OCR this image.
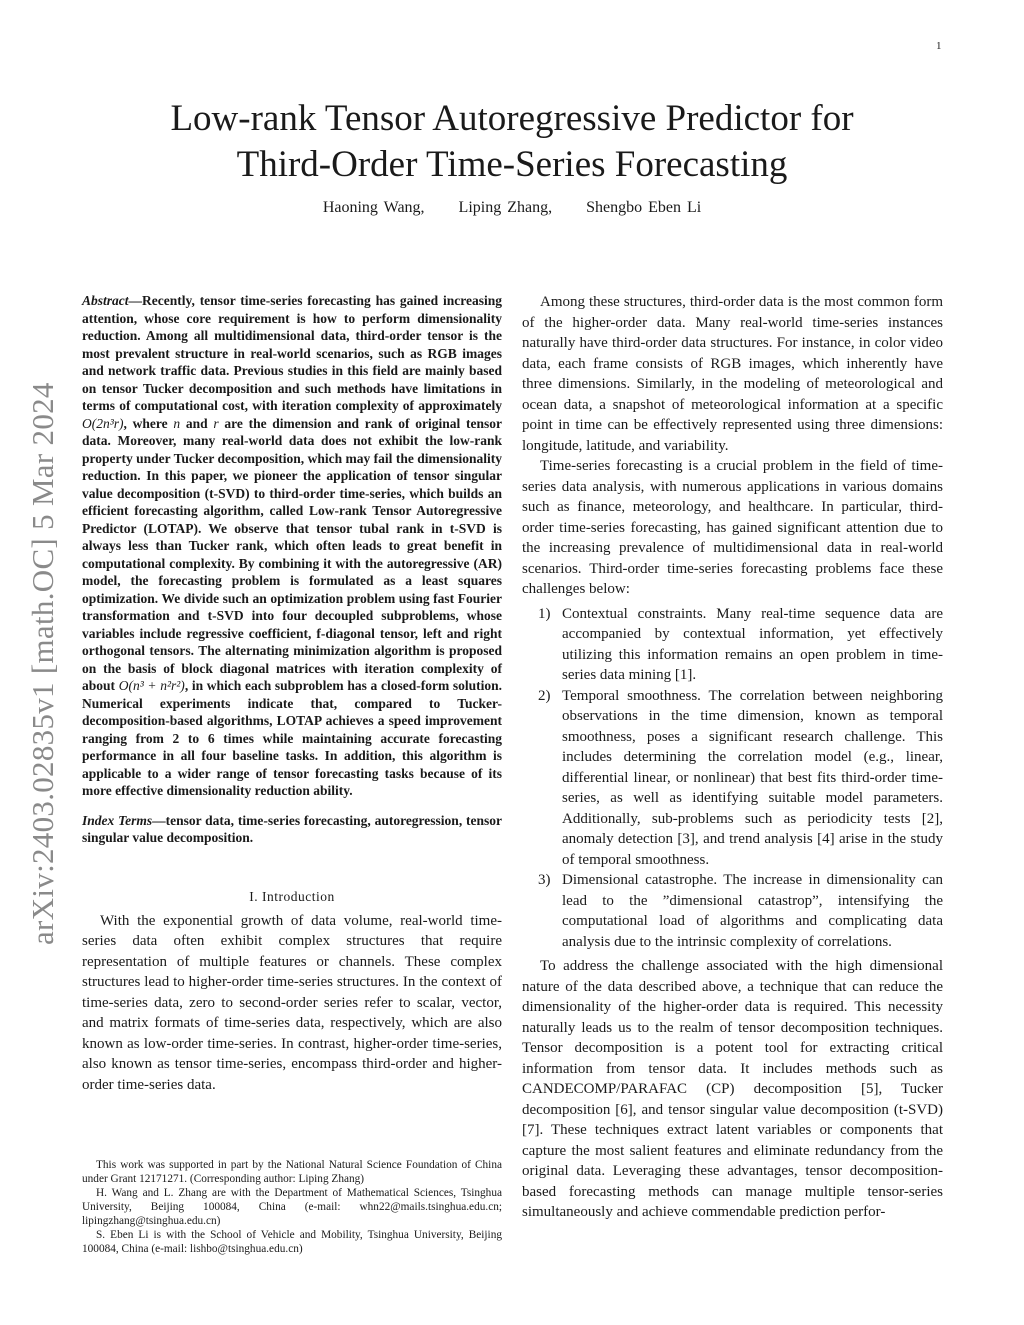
1
arXiv:2403.02835v1 [math.OC] 5 Mar 2024
Low-rank Tensor Autoregressive Predictor for
Third-Order Time-Series Forecasting
Haoning Wang, Liping Zhang, Shengbo Eben Li

Abstract—Recently, tensor time-series forecasting has gained increasing attention, whose core requirement is how to perform dimensionality reduction. Among all multidimensional data, third-order tensor is the most prevalent structure in real-world scenarios, such as RGB images and network traffic data. Previous studies in this field are mainly based on tensor Tucker decomposition and such methods have limitations in terms of computational cost, with iteration complexity of approximately O(2n³r), where n and r are the dimension and rank of original tensor data. Moreover, many real-world data does not exhibit the low-rank property under Tucker decomposition, which may fail the dimensionality reduction. In this paper, we pioneer the application of tensor singular value decomposition (t-SVD) to third-order time-series, which builds an efficient forecasting algorithm, called Low-rank Tensor Autoregressive Predictor (LOTAP). We observe that tensor tubal rank in t-SVD is always less than Tucker rank, which often leads to great benefit in computational complexity. By combining it with the autoregressive (AR) model, the forecasting problem is formulated as a least squares optimization. We divide such an optimization problem using fast Fourier transformation and t-SVD into four decoupled subproblems, whose variables include regressive coefficient, f-diagonal tensor, left and right orthogonal tensors. The alternating minimization algorithm is proposed on the basis of block diagonal matrices with iteration complexity of about O(n³ + n²r²), in which each subproblem has a closed-form solution. Numerical experiments indicate that, compared to Tucker-decomposition-based algorithms, LOTAP achieves a speed improvement ranging from 2 to 6 times while maintaining accurate forecasting performance in all four baseline tasks. In addition, this algorithm is applicable to a wider range of tensor forecasting tasks because of its more effective dimensionality reduction ability.

Index Terms—tensor data, time-series forecasting, autoregression, tensor singular value decomposition.

I. Introduction

With the exponential growth of data volume, real-world time-series data often exhibit complex structures that require representation of multiple features or channels. These complex structures lead to higher-order time-series structures. In the context of time-series data, zero to second-order series refer to scalar, vector, and matrix formats of time-series data, respectively, which are also known as low-order time-series. In contrast, higher-order time-series, also known as tensor time-series, encompass third-order and higher-order time-series data.

This work was supported in part by the National Natural Science Foundation of China under Grant 12171271. (Corresponding author: Liping Zhang)

H. Wang and L. Zhang are with the Department of Mathematical Sciences, Tsinghua University, Beijing 100084, China (e-mail: whn22@mails.tsinghua.edu.cn; lipingzhang@tsinghua.edu.cn)

S. Eben Li is with the School of Vehicle and Mobility, Tsinghua University, Beijing 100084, China (e-mail: lishbo@tsinghua.edu.cn)

Among these structures, third-order data is the most common form of the higher-order data. Many real-world time-series instances naturally have third-order data structures. For instance, in color video data, each frame consists of RGB images, which inherently have three dimensions. Similarly, in the modeling of meteorological and ocean data, a snapshot of meteorological information at a specific point in time can be effectively represented using three dimensions: longitude, latitude, and variability.

Time-series forecasting is a crucial problem in the field of time-series data analysis, with numerous applications in various domains such as finance, meteorology, and healthcare. In particular, third-order time-series forecasting, has gained significant attention due to the increasing prevalence of multidimensional data in real-world scenarios. Third-order time-series forecasting problems face these challenges below:

1) Contextual constraints. Many real-time sequence data are accompanied by contextual information, yet effectively utilizing this information remains an open problem in time-series data mining [1].
2) Temporal smoothness. The correlation between neighboring observations in the time dimension, known as temporal smoothness, poses a significant research challenge. This includes determining the correlation model (e.g., linear, differential linear, or nonlinear) that best fits third-order time-series, as well as identifying suitable model parameters. Additionally, sub-problems such as periodicity tests [2], anomaly detection [3], and trend analysis [4] arise in the study of temporal smoothness.
3) Dimensional catastrophe. The increase in dimensionality can lead to the ”dimensional catastrop”, intensifying the computational load of algorithms and complicating data analysis due to the intrinsic complexity of correlations.

To address the challenge associated with the high dimensional nature of the data described above, a technique that can reduce the dimensionality of the higher-order data is required. This necessity naturally leads us to the realm of tensor decomposition techniques. Tensor decomposition is a potent tool for extracting critical information from tensor data. It includes methods such as CANDECOMP/PARAFAC (CP) decomposition [5], Tucker decomposition [6], and tensor singular value decomposition (t-SVD) [7]. These techniques extract latent variables or components that capture the most salient features and eliminate redundancy from the original data. Leveraging these advantages, tensor decomposition-based forecasting methods can manage multiple tensor-series simultaneously and achieve commendable prediction perfor-
